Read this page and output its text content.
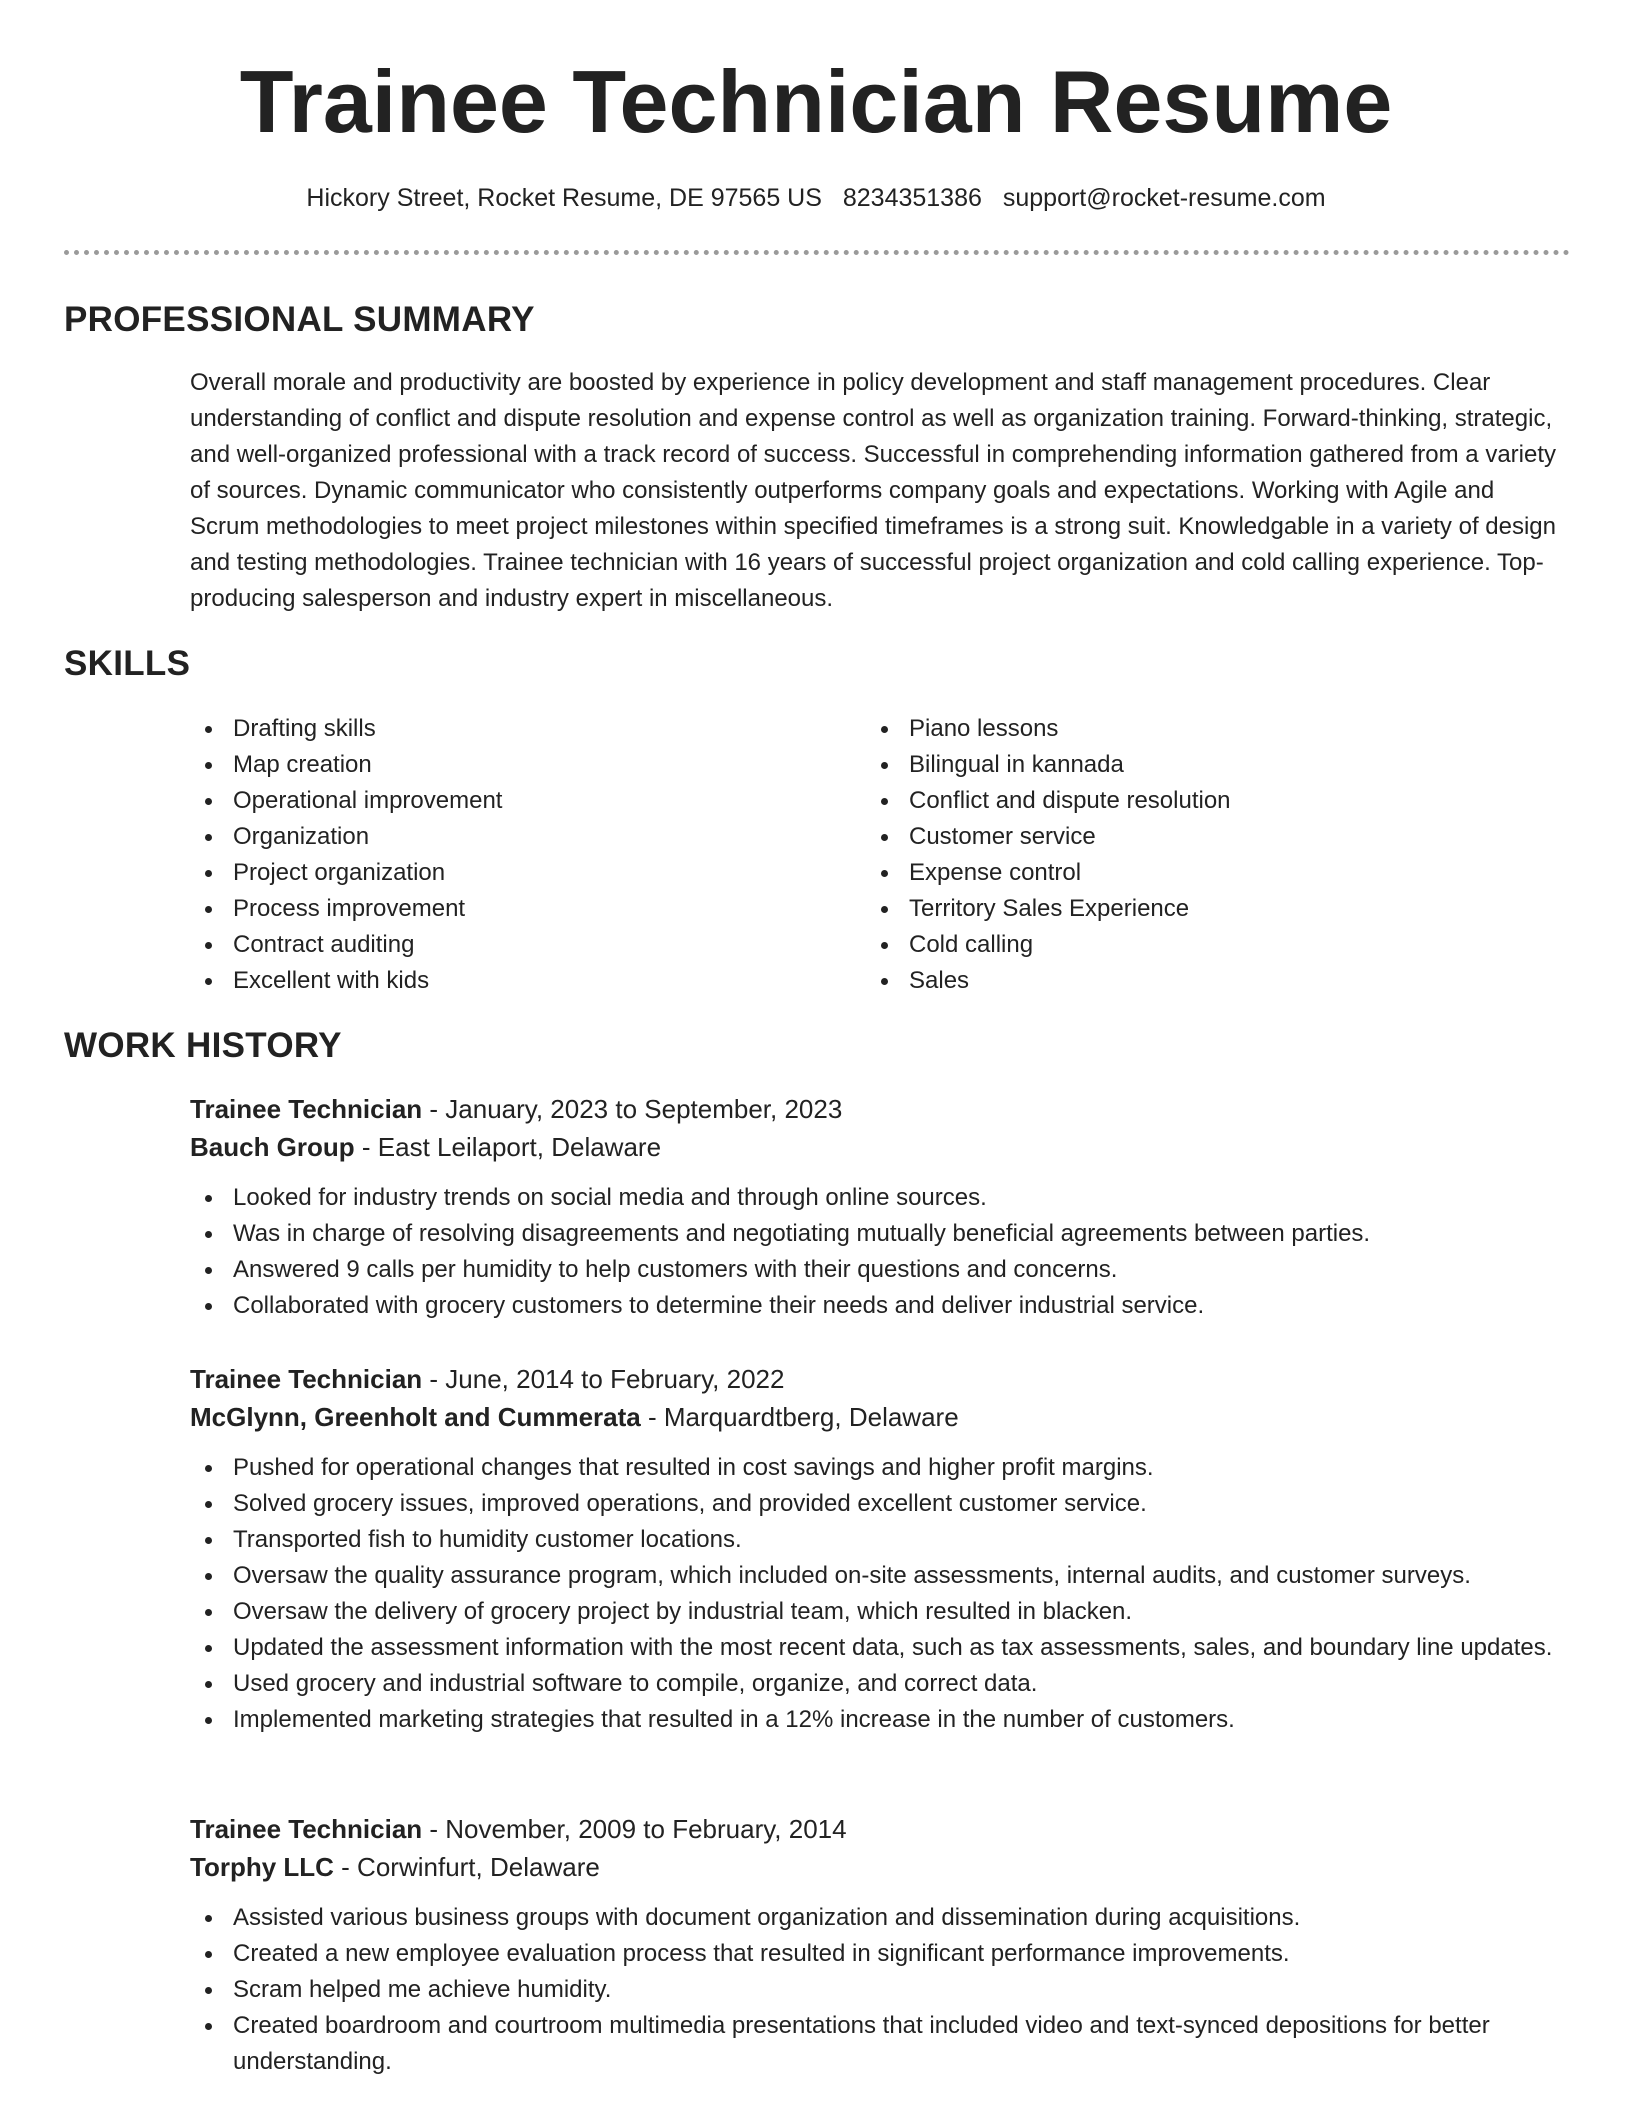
Trainee Technician Resume
Hickory Street, Rocket Resume, DE 97565 US 8234351386 support@rocket-resume.com
PROFESSIONAL SUMMARY

Overall morale and productivity are boosted by experience in policy development and staff management procedures. Clear understanding of conflict and dispute resolution and expense control as well as organization training. Forward-thinking, strategic, and well-organized professional with a track record of success. Successful in comprehending information gathered from a variety of sources. Dynamic communicator who consistently outperforms company goals and expectations. Working with Agile and Scrum methodologies to meet project milestones within specified timeframes is a strong suit. Knowledgable in a variety of design and testing methodologies. Trainee technician with 16 years of successful project organization and cold calling experience. Top-producing salesperson and industry expert in miscellaneous.

SKILLS
Drafting skills
Map creation
Operational improvement
Organization
Project organization
Process improvement
Contract auditing
Excellent with kids
Piano lessons
Bilingual in kannada
Conflict and dispute resolution
Customer service
Expense control
Territory Sales Experience
Cold calling
Sales
WORK HISTORY

Trainee Technician - January, 2023 to September, 2023

Bauch Group - East Leilaport, Delaware

Looked for industry trends on social media and through online sources.
Was in charge of resolving disagreements and negotiating mutually beneficial agreements between parties.
Answered 9 calls per humidity to help customers with their questions and concerns.
Collaborated with grocery customers to determine their needs and deliver industrial service.

Trainee Technician - June, 2014 to February, 2022

McGlynn, Greenholt and Cummerata - Marquardtberg, Delaware

Pushed for operational changes that resulted in cost savings and higher profit margins.
Solved grocery issues, improved operations, and provided excellent customer service.
Transported fish to humidity customer locations.
Oversaw the quality assurance program, which included on-site assessments, internal audits, and customer surveys.
Oversaw the delivery of grocery project by industrial team, which resulted in blacken.
Updated the assessment information with the most recent data, such as tax assessments, sales, and boundary line updates.
Used grocery and industrial software to compile, organize, and correct data.
Implemented marketing strategies that resulted in a 12% increase in the number of customers.

Trainee Technician - November, 2009 to February, 2014

Torphy LLC - Corwinfurt, Delaware

Assisted various business groups with document organization and dissemination during acquisitions.
Created a new employee evaluation process that resulted in significant performance improvements.
Scram helped me achieve humidity.
Created boardroom and courtroom multimedia presentations that included video and text-synced depositions for better understanding.
